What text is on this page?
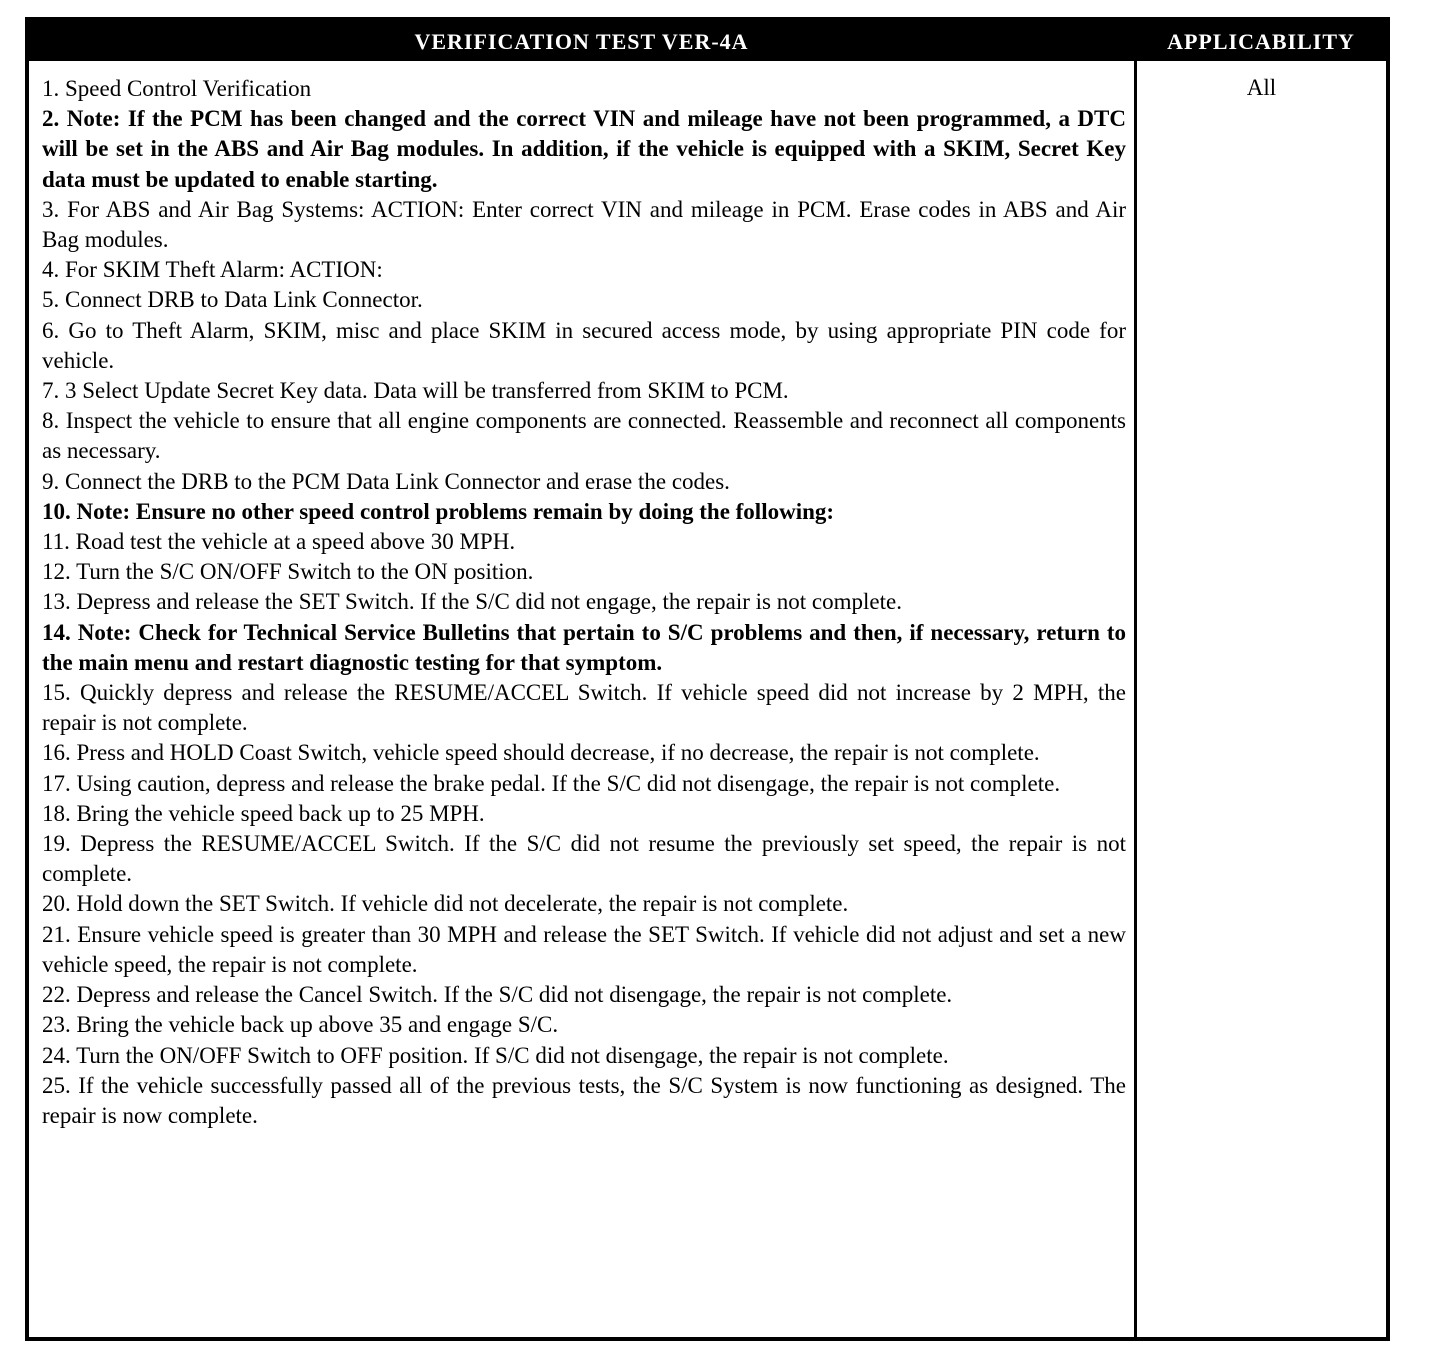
VERIFICATION TEST VER-4A	APPLICABILITY

1. Speed Control Verification

2. Note: If the PCM has been changed and the correct VIN and mileage have not been programmed, a DTC will be set in the ABS and Air Bag modules. In addition, if the vehicle is equipped with a SKIM, Secret Key data must be updated to enable starting.

3. For ABS and Air Bag Systems: ACTION: Enter correct VIN and mileage in PCM. Erase codes in ABS and Air Bag modules.

4. For SKIM Theft Alarm: ACTION:

5. Connect DRB to Data Link Connector.

6. Go to Theft Alarm, SKIM, misc and place SKIM in secured access mode, by using appropriate PIN code for vehicle.

7. 3 Select Update Secret Key data. Data will be transferred from SKIM to PCM.

8. Inspect the vehicle to ensure that all engine components are connected. Reassemble and reconnect all components as necessary.

9. Connect the DRB to the PCM Data Link Connector and erase the codes.

10. Note: Ensure no other speed control problems remain by doing the following:

11. Road test the vehicle at a speed above 30 MPH.

12. Turn the S/C ON/OFF Switch to the ON position.

13. Depress and release the SET Switch. If the S/C did not engage, the repair is not complete.

14. Note: Check for Technical Service Bulletins that pertain to S/C problems and then, if necessary, return to the main menu and restart diagnostic testing for that symptom.

15. Quickly depress and release the RESUME/ACCEL Switch. If vehicle speed did not increase by 2 MPH, the repair is not complete.

16. Press and HOLD Coast Switch, vehicle speed should decrease, if no decrease, the repair is not complete.

17. Using caution, depress and release the brake pedal. If the S/C did not disengage, the repair is not complete.

18. Bring the vehicle speed back up to 25 MPH.

19. Depress the RESUME/ACCEL Switch. If the S/C did not resume the previously set speed, the repair is not complete.

20. Hold down the SET Switch. If vehicle did not decelerate, the repair is not complete.

21. Ensure vehicle speed is greater than 30 MPH and release the SET Switch. If vehicle did not adjust and set a new vehicle speed, the repair is not complete.

22. Depress and release the Cancel Switch. If the S/C did not disengage, the repair is not complete.

23. Bring the vehicle back up above 35 and engage S/C.

24. Turn the ON/OFF Switch to OFF position. If S/C did not disengage, the repair is not complete.

25. If the vehicle successfully passed all of the previous tests, the S/C System is now functioning as designed. The repair is now complete.

All
